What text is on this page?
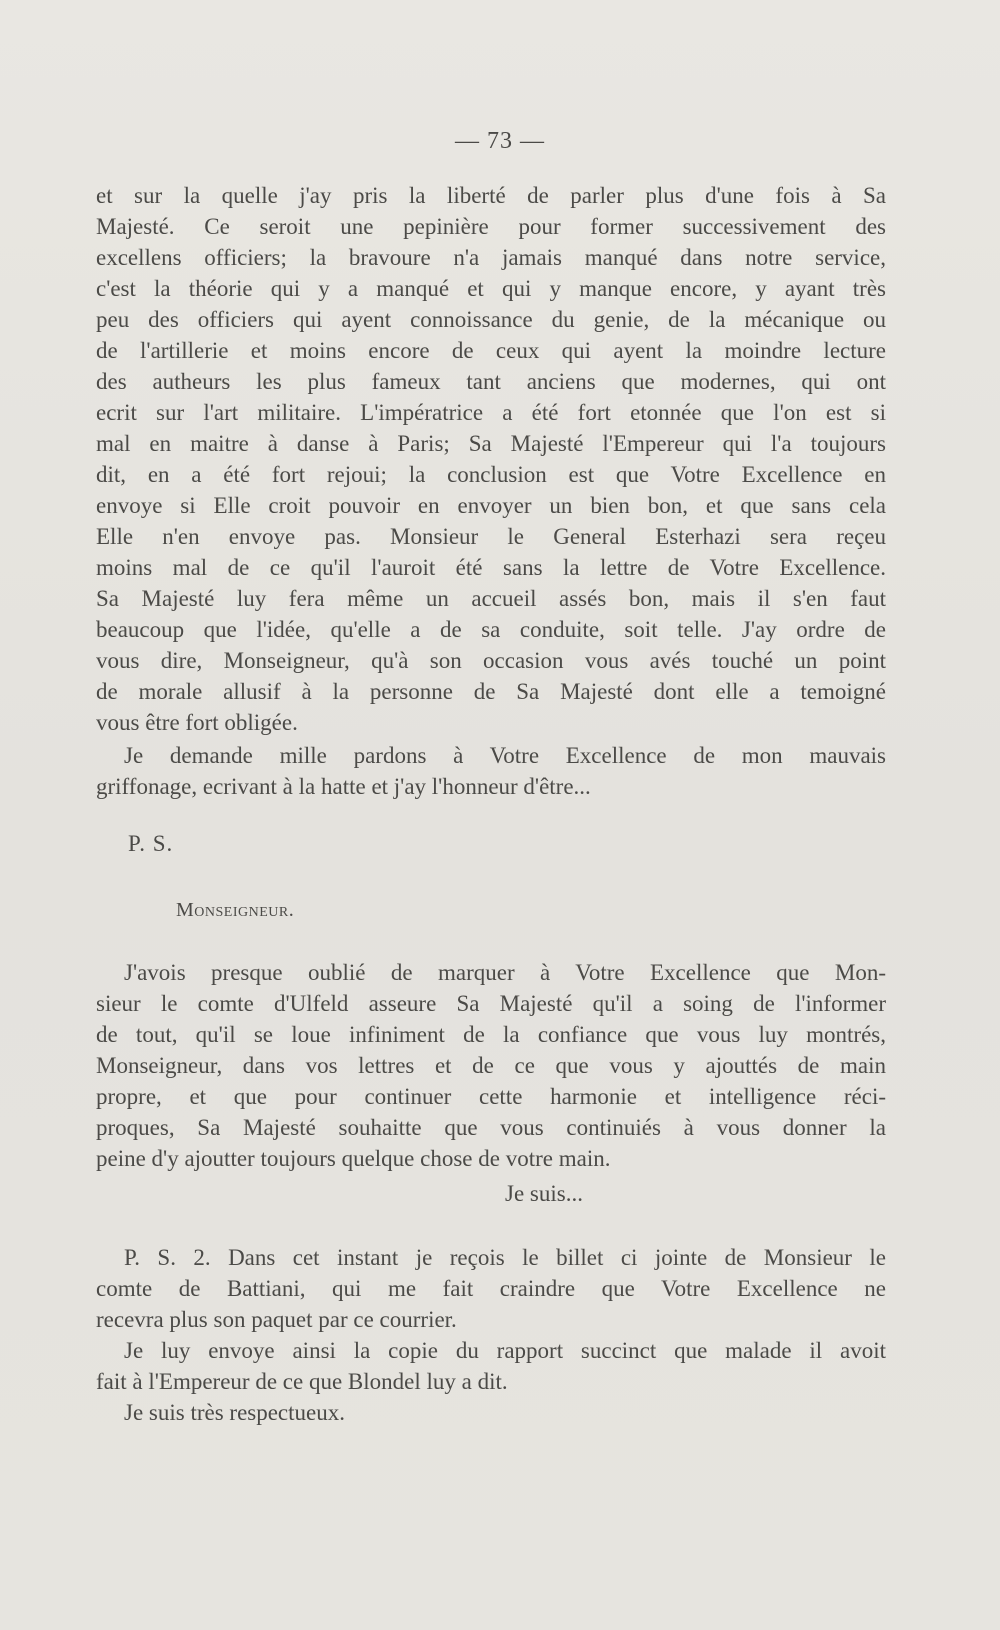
— 73 —
et sur la quelle j'ay pris la liberté de parler plus d'une fois à Sa
Majesté. Ce seroit une pepinière pour former successivement des
excellens officiers; la bravoure n'a jamais manqué dans notre service,
c'est la théorie qui y a manqué et qui y manque encore, y ayant très
peu des officiers qui ayent connoissance du genie, de la mécanique ou
de l'artillerie et moins encore de ceux qui ayent la moindre lecture
des autheurs les plus fameux tant anciens que modernes, qui ont
ecrit sur l'art militaire. L'impératrice a été fort etonnée que l'on est si
mal en maitre à danse à Paris; Sa Majesté l'Empereur qui l'a toujours
dit, en a été fort rejoui; la conclusion est que Votre Excellence en
envoye si Elle croit pouvoir en envoyer un bien bon, et que sans cela
Elle n'en envoye pas. Monsieur le General Esterhazi sera reçeu
moins mal de ce qu'il l'auroit été sans la lettre de Votre Excellence.
Sa Majesté luy fera même un accueil assés bon, mais il s'en faut
beaucoup que l'idée, qu'elle a de sa conduite, soit telle. J'ay ordre de
vous dire, Monseigneur, qu'à son occasion vous avés touché un point
de morale allusif à la personne de Sa Majesté dont elle a temoigné
vous être fort obligée.
Je demande mille pardons à Votre Excellence de mon mauvais
griffonage, ecrivant à la hatte et j'ay l'honneur d'être...
P. S.
Monseigneur.
J'avois presque oublié de marquer à Votre Excellence que Mon-
sieur le comte d'Ulfeld asseure Sa Majesté qu'il a soing de l'informer
de tout, qu'il se loue infiniment de la confiance que vous luy montrés,
Monseigneur, dans vos lettres et de ce que vous y ajouttés de main
propre, et que pour continuer cette harmonie et intelligence réci-
proques, Sa Majesté souhaitte que vous continuiés à vous donner la
peine d'y ajoutter toujours quelque chose de votre main.
Je suis...
P. S. 2. Dans cet instant je reçois le billet ci jointe de Monsieur le
comte de Battiani, qui me fait craindre que Votre Excellence ne
recevra plus son paquet par ce courrier.
Je luy envoye ainsi la copie du rapport succinct que malade il avoit
fait à l'Empereur de ce que Blondel luy a dit.
Je suis très respectueux.
